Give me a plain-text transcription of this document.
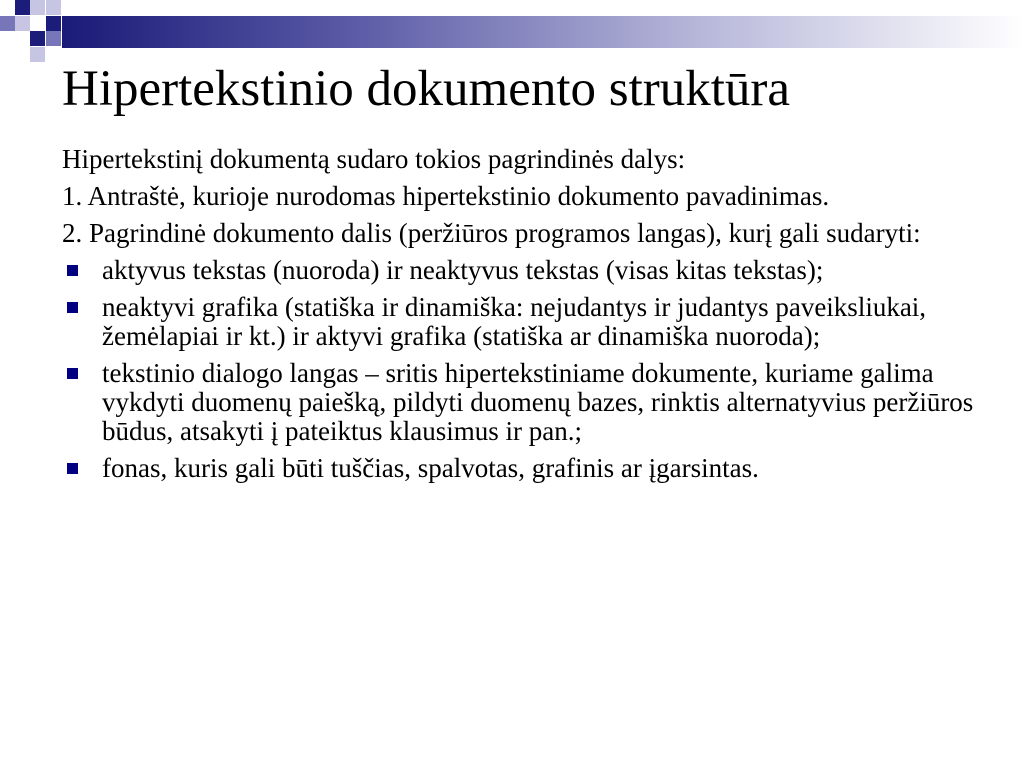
Hipertekstinio dokumento struktūra

Hipertekstinį dokumentą sudaro tokios pagrindinės dalys:

1. Antraštė, kurioje nurodomas hipertekstinio dokumento pavadinimas.

2. Pagrindinė dokumento dalis (peržiūros programos langas), kurį gali sudaryti:

aktyvus tekstas (nuoroda) ir neaktyvus tekstas (visas kitas tekstas);
neaktyvi grafika (statiška ir dinamiška: nejudantys ir judantys paveiksliukai, žemėlapiai ir kt.) ir aktyvi grafika (statiška ar dinamiška nuoroda);
tekstinio dialogo langas – sritis hipertekstiniame dokumente, kuriame galima vykdyti duomenų paiešką, pildyti duomenų bazes, rinktis alternatyvius peržiūros būdus, atsakyti į pateiktus klausimus ir pan.;
fonas, kuris gali būti tuščias, spalvotas, grafinis ar įgarsintas.
